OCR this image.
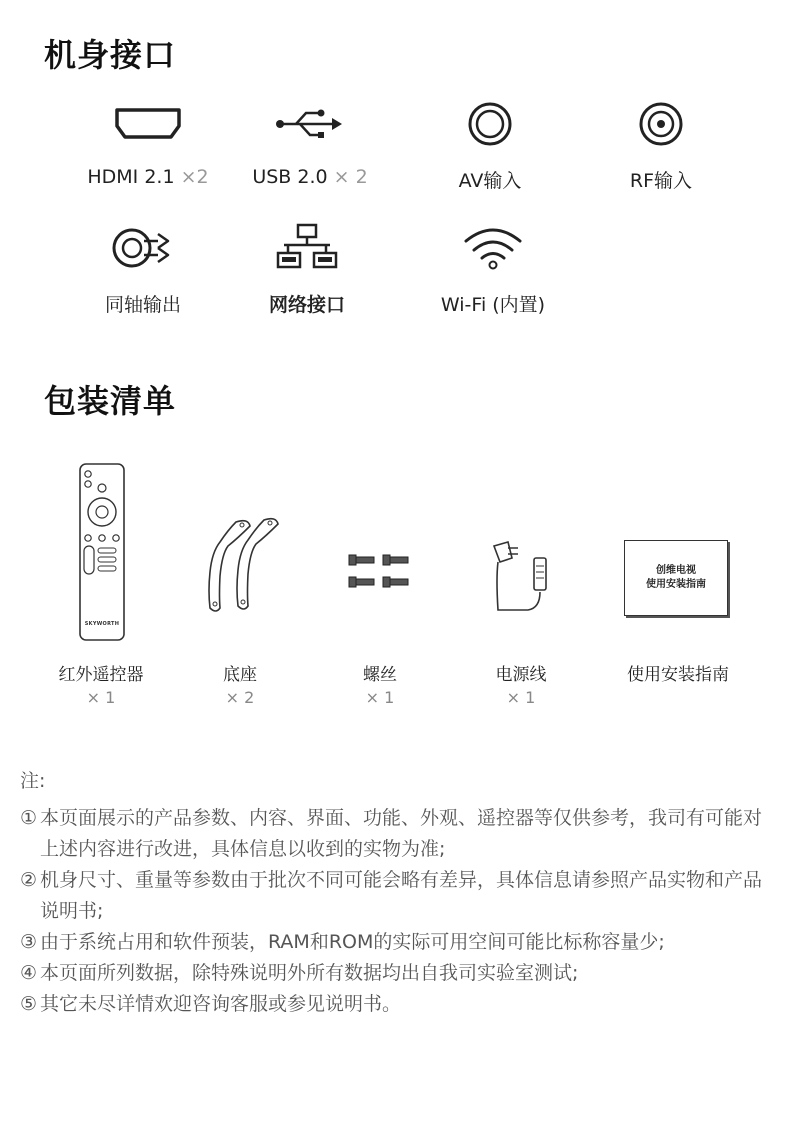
机身接口
HDMI 2.1 ×2	USB 2.0 × 2	AV输入	RF输入
同轴输出	网络接口	Wi-Fi (内置)
包装清单
SKYWORTH
创维电视
使用安装指南
红外遥控器
× 1
底座
× 2
螺丝
× 1
电源线
× 1
使用安装指南

注:

① 本页面展示的产品参数、内容、界面、功能、外观、遥控器等仅供参考，我司有可能对上述内容进行改进，具体信息以收到的实物为准;
② 机身尺寸、重量等参数由于批次不同可能会略有差异，具体信息请参照产品实物和产品说明书;
③ 由于系统占用和软件预装，RAM和ROM的实际可用空间可能比标称容量少;
④ 本页面所列数据，除特殊说明外所有数据均出自我司实验室测试;
⑤ 其它未尽详情欢迎咨询客服或参见说明书。
